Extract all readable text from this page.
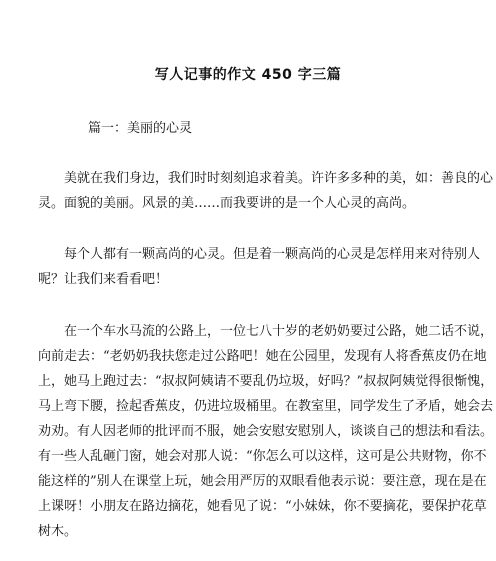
写人记事的作文 450 字三篇

篇一：美丽的心灵

美就在我们身边，我们时时刻刻追求着美。许许多多种的美，如：善良的心
灵。面貌的美丽。风景的美……而我要讲的是一个人心灵的高尚。

每个人都有一颗高尚的心灵。但是着一颗高尚的心灵是怎样用来对待别人
呢？让我们来看看吧！

在一个车水马流的公路上，一位七八十岁的老奶奶要过公路，她二话不说，
向前走去：“老奶奶我扶您走过公路吧！她在公园里，发现有人将香蕉皮仍在地
上，她马上跑过去：“叔叔阿姨请不要乱仍垃圾，好吗？”叔叔阿姨觉得很惭愧，
马上弯下腰，捡起香蕉皮，仍进垃圾桶里。在教室里，同学发生了矛盾，她会去
劝劝。有人因老师的批评而不服，她会安慰安慰别人，谈谈自己的想法和看法。
有一些人乱砸门窗，她会对那人说：“你怎么可以这样，这可是公共财物，你不
能这样的”别人在课堂上玩，她会用严厉的双眼看他表示说：要注意，现在是在
上课呀！小朋友在路边摘花，她看见了说：“小妹妹，你不要摘花，要保护花草
树木。
